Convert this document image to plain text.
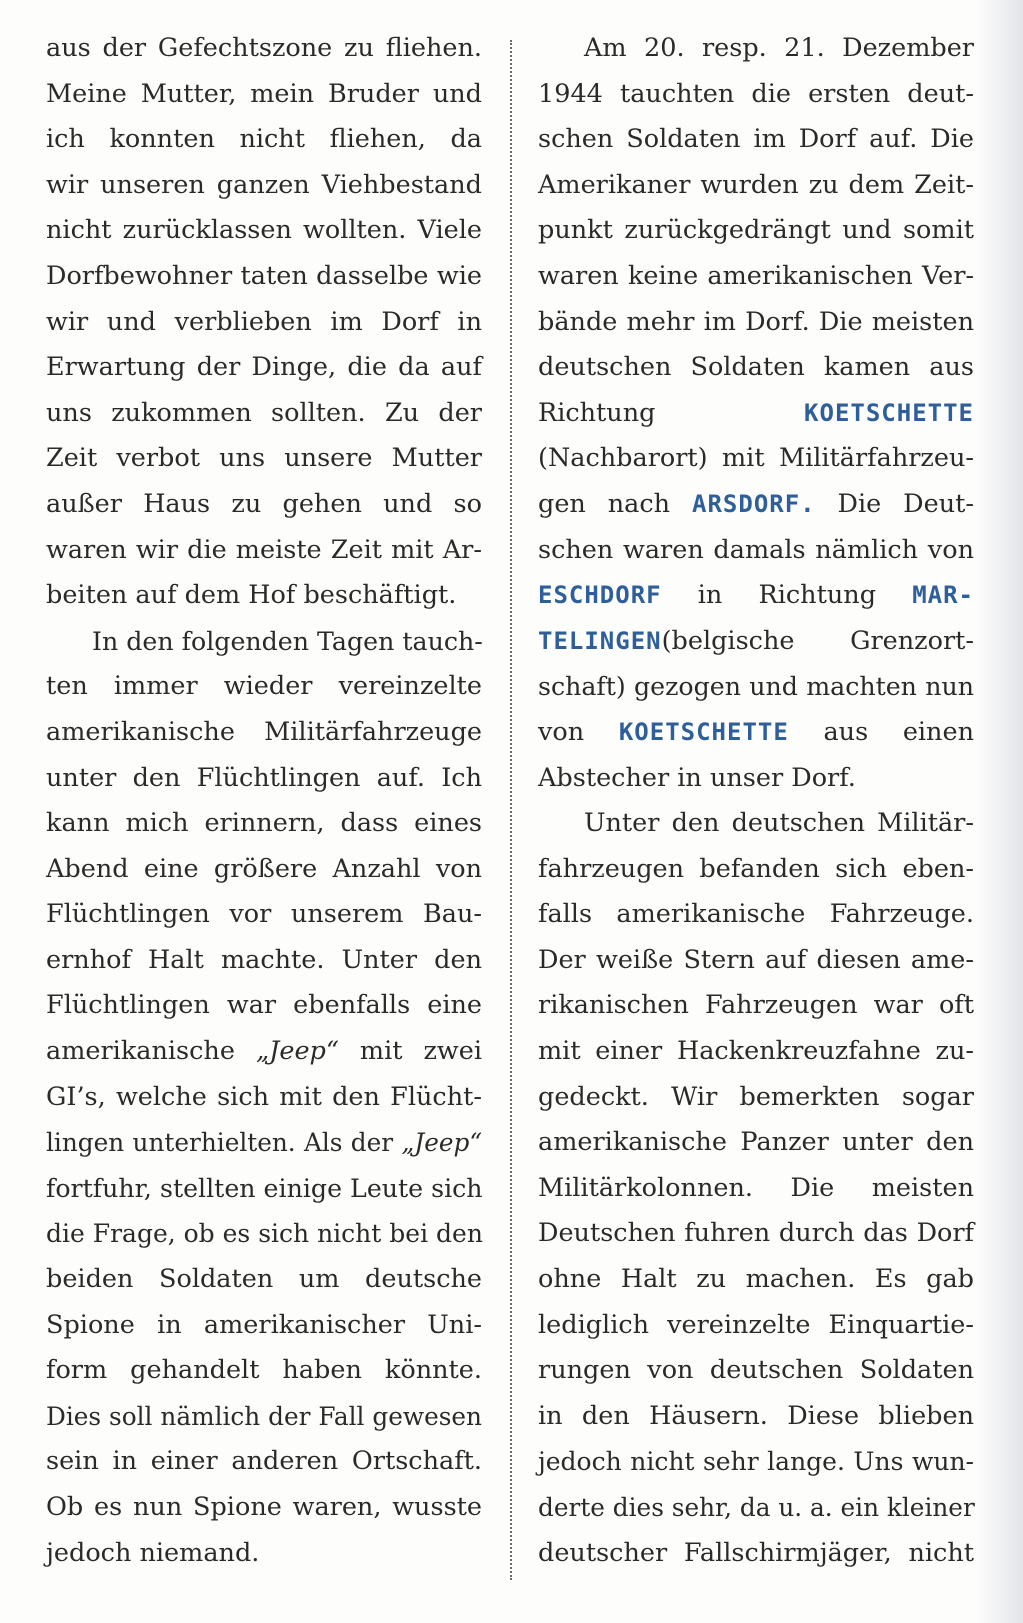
aus der Gefechtszone zu fliehen.
Meine Mutter, mein Bruder und
ich konnten nicht fliehen, da
wir unseren ganzen Viehbestand
nicht zurücklassen wollten. Viele
Dorfbewohner taten dasselbe wie
wir und verblieben im Dorf in
Erwartung der Dinge, die da auf
uns zukommen sollten. Zu der
Zeit verbot uns unsere Mutter
außer Haus zu gehen und so
waren wir die meiste Zeit mit Ar-
beiten auf dem Hof beschäftigt.
In den folgenden Tagen tauch-
ten immer wieder vereinzelte
amerikanische Militärfahrzeuge
unter den Flüchtlingen auf. Ich
kann mich erinnern, dass eines
Abend eine größere Anzahl von
Flüchtlingen vor unserem Bau-
ernhof Halt machte. Unter den
Flüchtlingen war ebenfalls eine
amerikanische „Jeep“ mit zwei
GI’s, welche sich mit den Flücht-
lingen unterhielten. Als der „Jeep“
fortfuhr, stellten einige Leute sich
die Frage, ob es sich nicht bei den
beiden Soldaten um deutsche
Spione in amerikanischer Uni-
form gehandelt haben könnte.
Dies soll nämlich der Fall gewesen
sein in einer anderen Ortschaft.
Ob es nun Spione waren, wusste
jedoch niemand.
Am 20. resp. 21. Dezember
1944 tauchten die ersten deut-
schen Soldaten im Dorf auf. Die
Amerikaner wurden zu dem Zeit-
punkt zurückgedrängt und somit
waren keine amerikanischen Ver-
bände mehr im Dorf. Die meisten
deutschen Soldaten kamen aus
Richtung	KOETSCHETTE
(Nachbarort) mit Militärfahrzeu-
gen nach ARSDORF. Die Deut-
schen waren damals nämlich von
ESCHDORF in Richtung MAR-
TELINGEN(belgische Grenzort-
schaft) gezogen und machten nun
von KOETSCHETTE aus einen
Abstecher in unser Dorf.
Unter den deutschen Militär-
fahrzeugen befanden sich eben-
falls amerikanische Fahrzeuge.
Der weiße Stern auf diesen ame-
rikanischen Fahrzeugen war oft
mit einer Hackenkreuzfahne zu-
gedeckt. Wir bemerkten sogar
amerikanische Panzer unter den
Militärkolonnen. Die meisten
Deutschen fuhren durch das Dorf
ohne Halt zu machen. Es gab
lediglich vereinzelte Einquartie-
rungen von deutschen Soldaten
in den Häusern. Diese blieben
jedoch nicht sehr lange. Uns wun-
derte dies sehr, da u. a. ein kleiner
deutscher Fallschirmjäger, nicht
